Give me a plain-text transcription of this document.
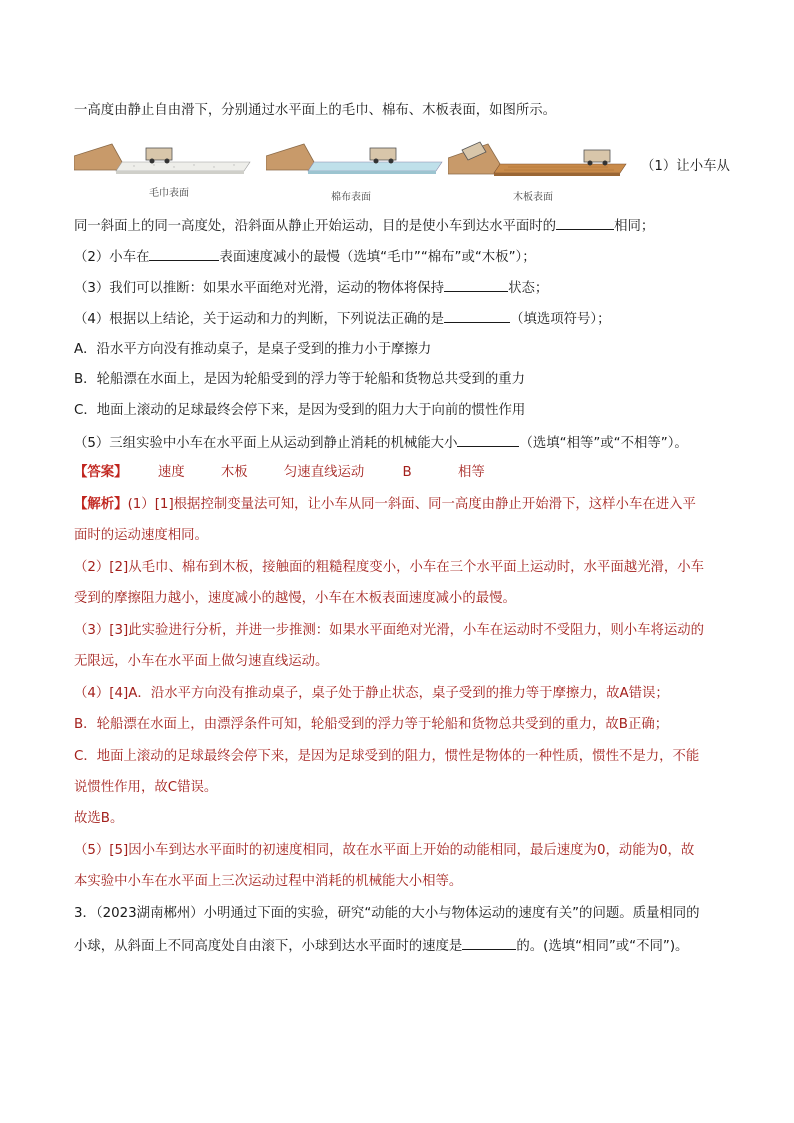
一高度由静止自由滑下，分别通过水平面上的毛巾、棉布、木板表面，如图所示。
毛巾表面	棉布表面	木板表面
（1）让小车从
同一斜面上的同一高度处，沿斜面从静止开始运动，目的是使小车到达水平面时的	相同；
（2）小车在	表面速度减小的最慢（选填“毛巾”“棉布”或“木板”）；
（3）我们可以推断：如果水平面绝对光滑，运动的物体将保持	状态；
（4）根据以上结论，关于运动和力的判断，下列说法正确的是	（填选项符号）；
A．沿水平方向没有推动桌子，是桌子受到的推力小于摩擦力
B．轮船漂在水面上，是因为轮船受到的浮力等于轮船和货物总共受到的重力
C．地面上滚动的足球最终会停下来，是因为受到的阻力大于向前的惯性作用
（5）三组实验中小车在水平面上从运动到静止消耗的机械能大小	（选填“相等”或“不相等”）。
【答案】 速度	木板	匀速直线运动	B	相等
【解析】(1）[1]根据控制变量法可知，让小车从同一斜面、同一高度由静止开始滑下，这样小车在进入平
面时的运动速度相同。
（2）[2]从毛巾、棉布到木板，接触面的粗糙程度变小，小车在三个水平面上运动时，水平面越光滑，小车
受到的摩擦阻力越小，速度减小的越慢，小车在木板表面速度减小的最慢。
（3）[3]此实验进行分析，并进一步推测：如果水平面绝对光滑，小车在运动时不受阻力，则小车将运动的
无限远，小车在水平面上做匀速直线运动。
（4）[4]A．沿水平方向没有推动桌子，桌子处于静止状态，桌子受到的推力等于摩擦力，故A错误；
B．轮船漂在水面上，由漂浮条件可知，轮船受到的浮力等于轮船和货物总共受到的重力，故B正确；
C．地面上滚动的足球最终会停下来，是因为足球受到的阻力，惯性是物体的一种性质，惯性不是力，不能
说惯性作用，故C错误。
故选B。
（5）[5]因小车到达水平面时的初速度相同，故在水平面上开始的动能相同，最后速度为0，动能为0，故
本实验中小车在水平面上三次运动过程中消耗的机械能大小相等。
3．（2023湖南郴州）小明通过下面的实验，研究“动能的大小与物体运动的速度有关”的问题。质量相同的
小球，从斜面上不同高度处自由滚下，小球到达水平面时的速度是	的。(选填“相同”或“不同”)。
